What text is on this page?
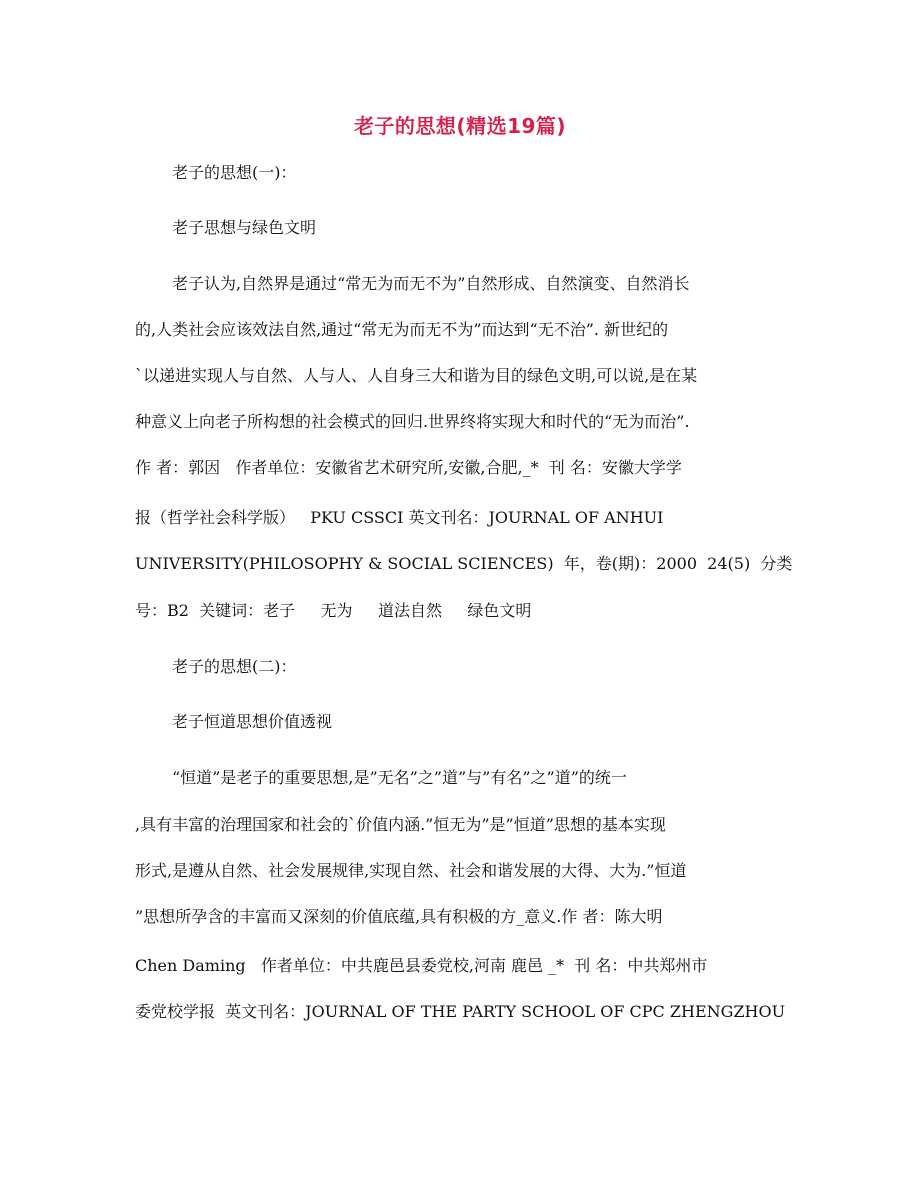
老子的思想(精选19篇)
老子的思想(一)：
老子思想与绿色文明
老子认为,自然界是通过“常无为而无不为”自然形成、自然演变、自然消长
的,人类社会应该效法自然,通过“常无为而无不为”而达到“无不治”. 新世纪的
`以递进实现人与自然、人与人、人自身三大和谐为目的绿色文明,可以说,是在某
种意义上向老子所构想的社会模式的回归.世界终将实现大和时代的“无为而治”.
作 者：郭因   作者单位：安徽省艺术研究所,安徽,合肥,_*  刊 名：安徽大学学
报（哲学社会科学版）   PKU CSSCI 英文刊名：JOURNAL OF ANHUI
UNIVERSITY(PHILOSOPHY & SOCIAL SCIENCES)  年，卷(期)：2000  24(5)  分类
号：B2  关键词：老子     无为     道法自然     绿色文明
老子的思想(二)：
老子恒道思想价值透视
“恒道”是老子的重要思想,是”无名”之”道”与”有名”之”道”的统一
,具有丰富的治理国家和社会的`价值内涵.”恒无为”是”恒道”思想的基本实现
形式,是遵从自然、社会发展规律,实现自然、社会和谐发展的大得、大为.”恒道
”思想所孕含的丰富而又深刻的价值底蕴,具有积极的方_意义.作 者：陈大明
Chen Daming   作者单位：中共鹿邑县委党校,河南 鹿邑 _*  刊 名：中共郑州市
委党校学报  英文刊名：JOURNAL OF THE PARTY SCHOOL OF CPC ZHENGZHOU
